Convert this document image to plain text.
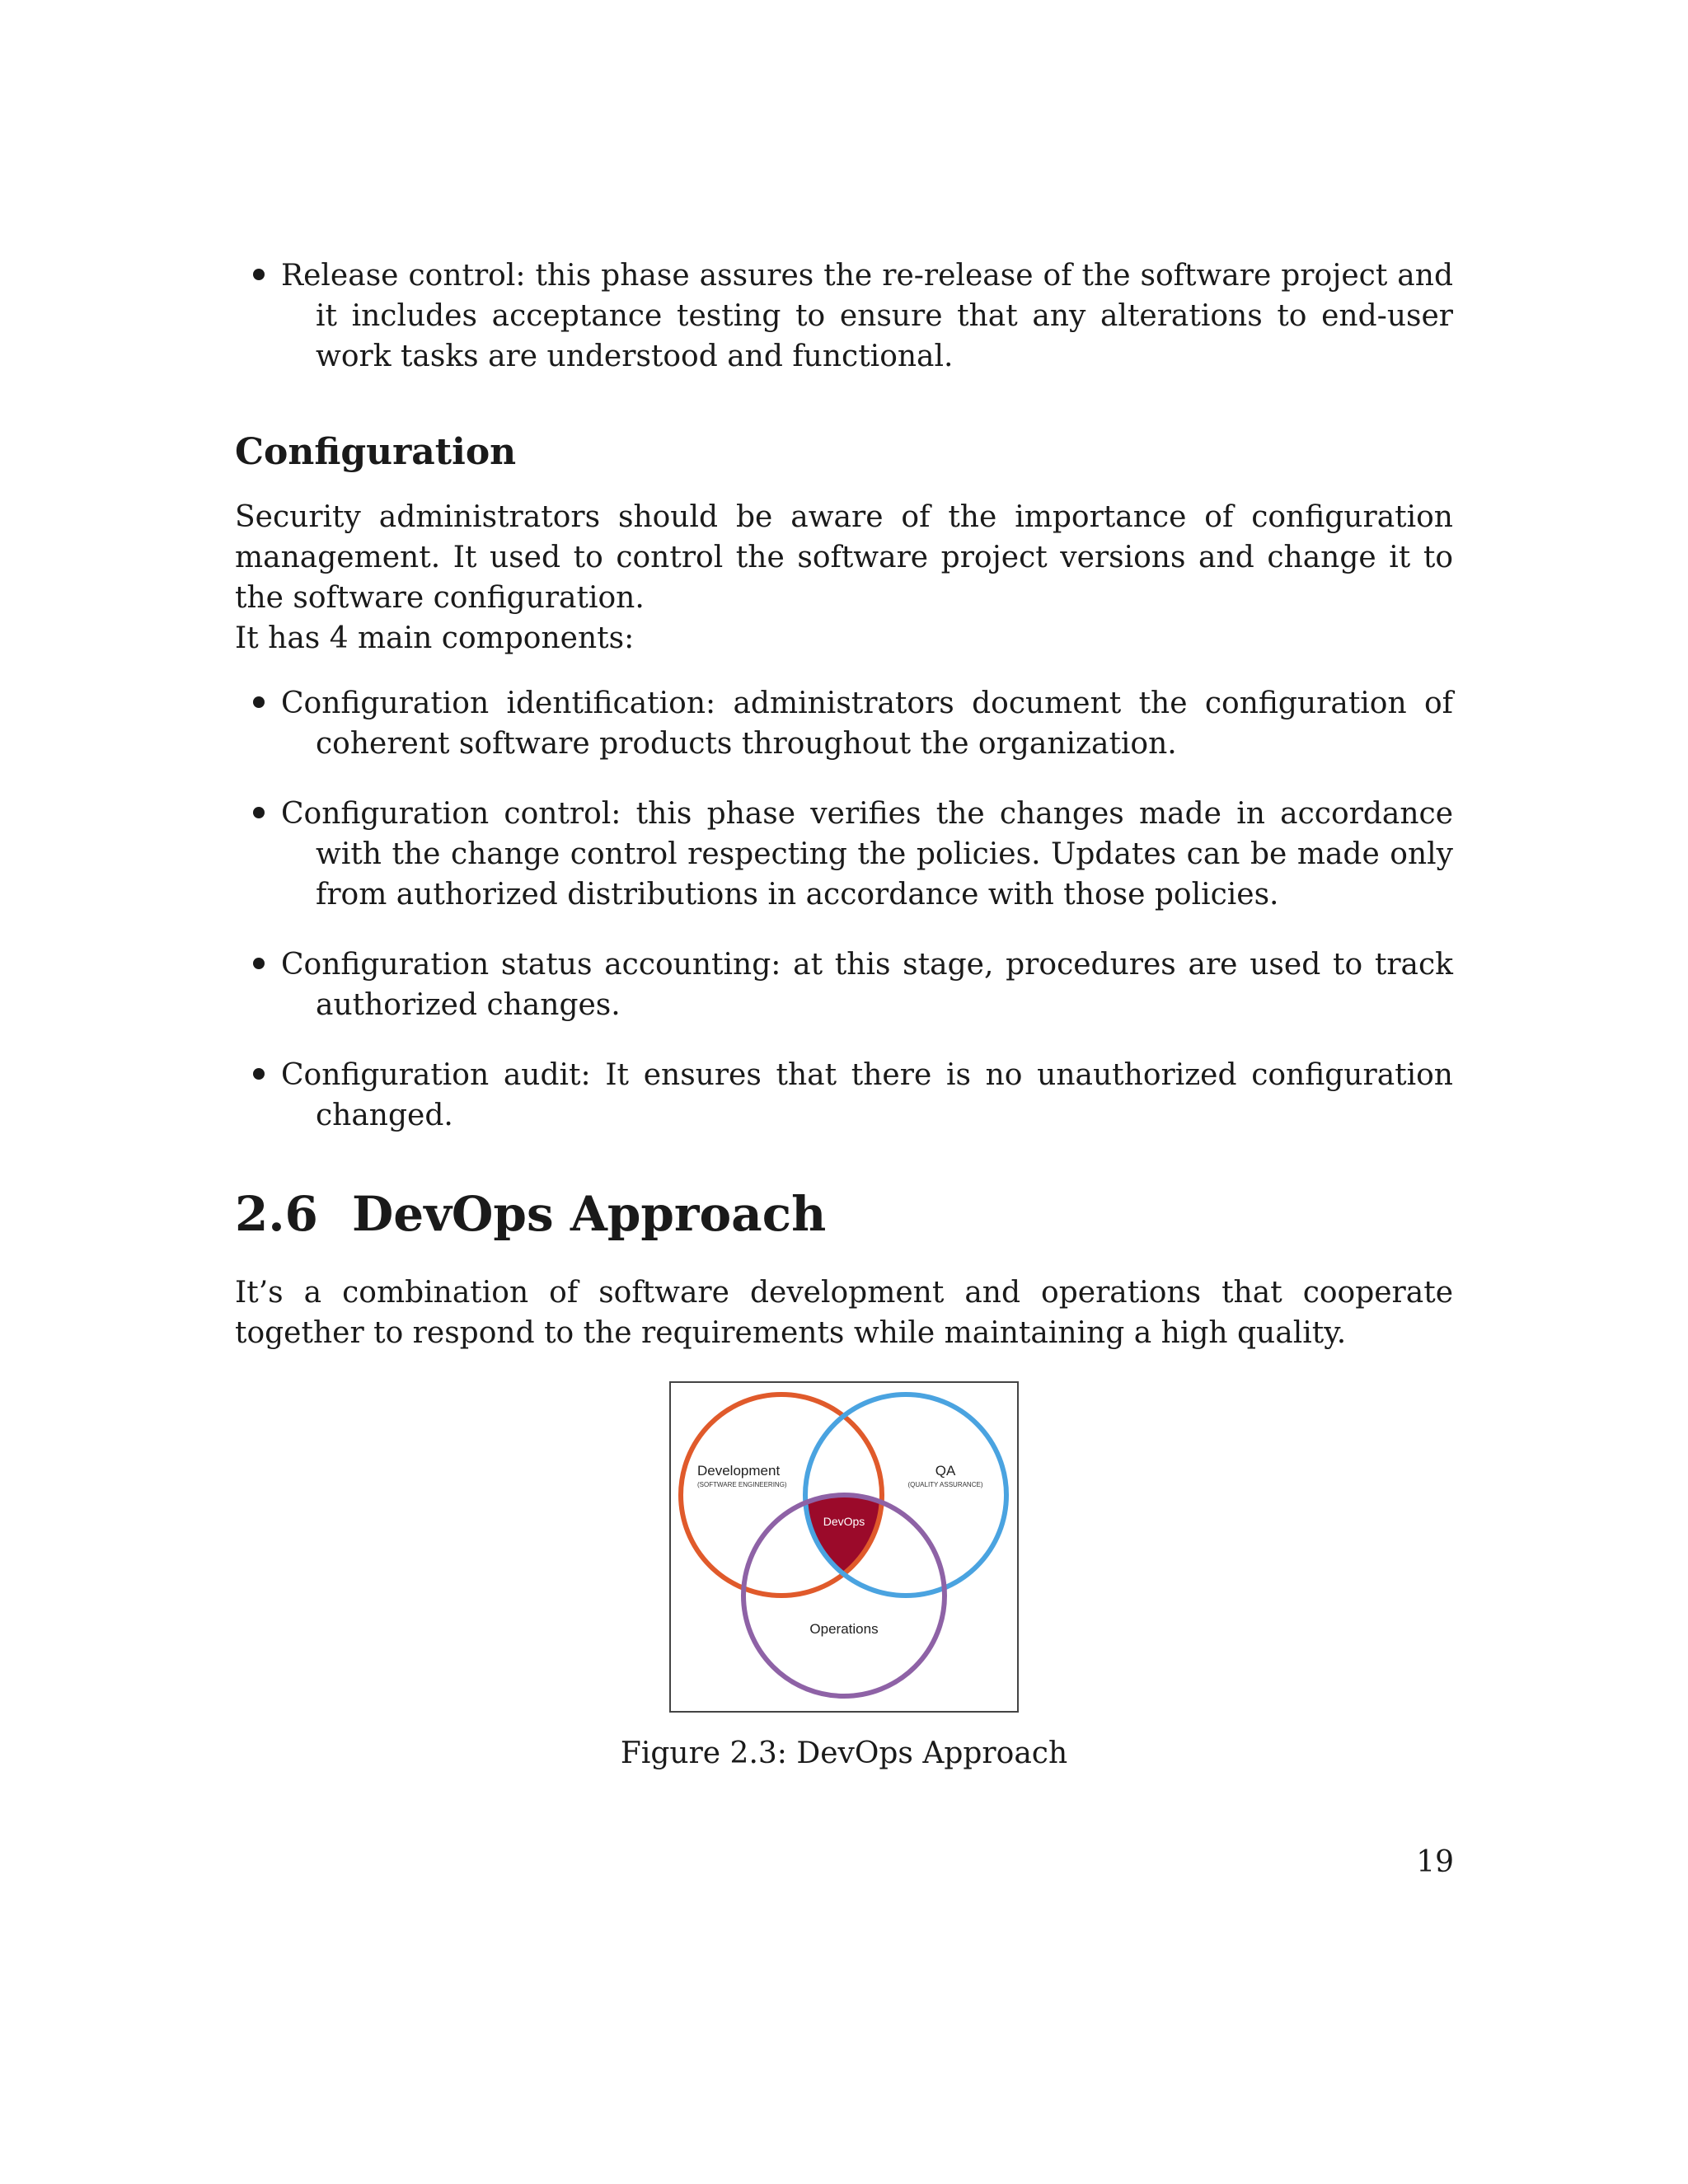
Release control: this phase assures the re-release of the software project and it includes acceptance testing to ensure that any alterations to end-user work tasks are understood and functional.
Configuration

Security administrators should be aware of the importance of configuration management. It used to control the software project versions and change it to the software configuration.

It has 4 main components:

Configuration identification: administrators document the configuration of coherent software products throughout the organization.
Configuration control: this phase verifies the changes made in accordance with the change control respecting the policies. Updates can be made only from authorized distributions in accordance with those policies.
Configuration status accounting: at this stage, procedures are used to track authorized changes.
Configuration audit: It ensures that there is no unauthorized configuration changed.
2.6 DevOps Approach

It’s a combination of software development and operations that cooperate together to respond to the requirements while maintaining a high quality.

Development
(SOFTWARE ENGINEERING)
QA
(QUALITY ASSURANCE)
DevOps
Operations
Figure 2.3: DevOps Approach
19
